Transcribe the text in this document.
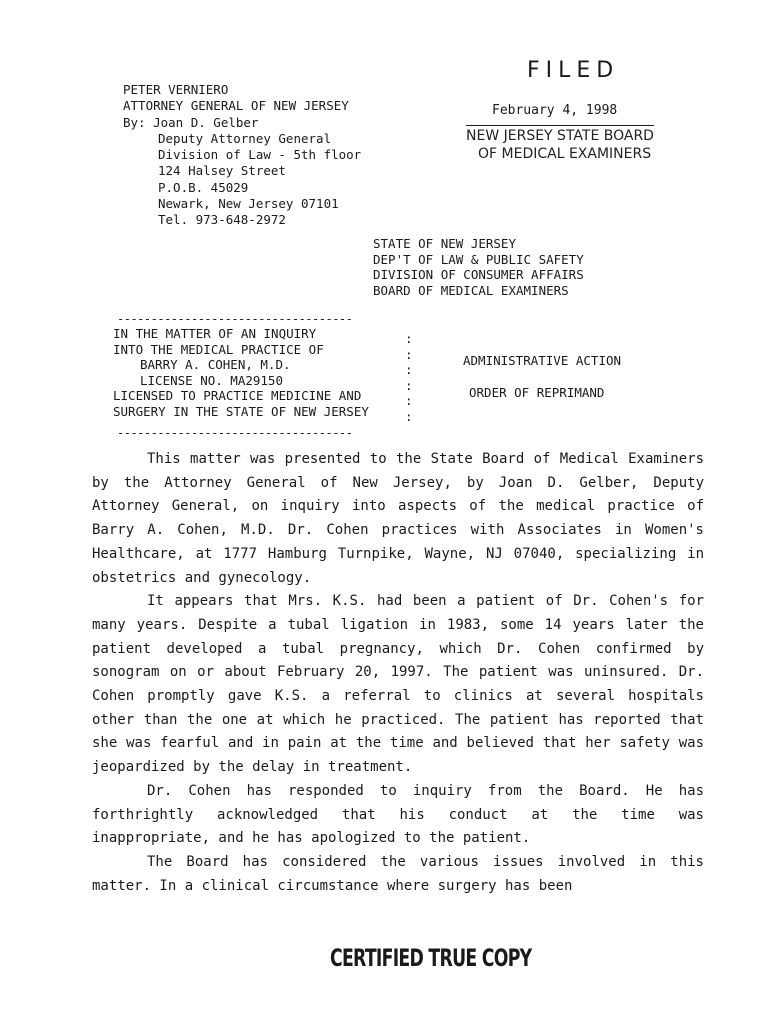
FILED
February 4, 1998
NEW JERSEY STATE BOARD
OF MEDICAL EXAMINERS
PETER VERNIERO
ATTORNEY GENERAL OF NEW JERSEY
By: Joan D. Gelber
Deputy Attorney General
Division of Law - 5th floor
124 Halsey Street
P.O.B. 45029
Newark, New Jersey 07101
Tel. 973-648-2972
STATE OF NEW JERSEY
DEP'T OF LAW & PUBLIC SAFETY
DIVISION OF CONSUMER AFFAIRS
BOARD OF MEDICAL EXAMINERS
-----------------------------------
IN THE MATTER OF AN INQUIRY
INTO THE MEDICAL PRACTICE OF
BARRY A. COHEN, M.D.
LICENSE NO. MA29150
LICENSED TO PRACTICE MEDICINE AND
SURGERY IN THE STATE OF NEW JERSEY
:
:
:
:
:
:
-----------------------------------
ADMINISTRATIVE ACTION
ORDER OF REPRIMAND

This matter was presented to the State Board of Medical Examiners by the Attorney General of New Jersey, by Joan D. Gelber, Deputy Attorney General, on inquiry into aspects of the medical practice of Barry A. Cohen, M.D. Dr. Cohen practices with Associates in Women's Healthcare, at 1777 Hamburg Turnpike, Wayne, NJ 07040, specializing in obstetrics and gynecology.

It appears that Mrs. K.S. had been a patient of Dr. Cohen's for many years. Despite a tubal ligation in 1983, some 14 years later the patient developed a tubal pregnancy, which Dr. Cohen confirmed by sonogram on or about February 20, 1997. The patient was uninsured. Dr. Cohen promptly gave K.S. a referral to clinics at several hospitals other than the one at which he practiced. The patient has reported that she was fearful and in pain at the time and believed that her safety was jeopardized by the delay in treatment.

Dr. Cohen has responded to inquiry from the Board. He has forthrightly acknowledged that his conduct at the time was inappropriate, and he has apologized to the patient.

The Board has considered the various issues involved in this matter. In a clinical circumstance where surgery has been

CERTIFIED TRUE COPY
